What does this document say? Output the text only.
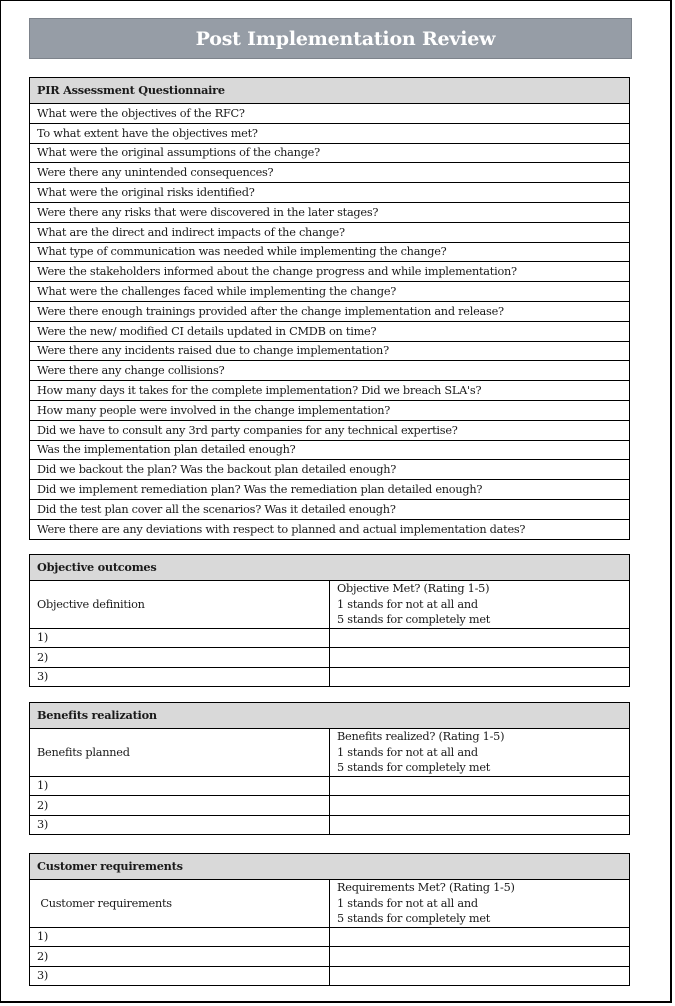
Post Implementation Review
PIR Assessment Questionnaire
What were the objectives of the RFC?
To what extent have the objectives met?
What were the original assumptions of the change?
Were there any unintended consequences?
What were the original risks identified?
Were there any risks that were discovered in the later stages?
What are the direct and indirect impacts of the change?
What type of communication was needed while implementing the change?
Were the stakeholders informed about the change progress and while implementation?
What were the challenges faced while implementing the change?
Were there enough trainings provided after the change implementation and release?
Were the new/ modified CI details updated in CMDB on time?
Were there any incidents raised due to change implementation?
Were there any change collisions?
How many days it takes for the complete implementation? Did we breach SLA's?
How many people were involved in the change implementation?
Did we have to consult any 3rd party companies for any technical expertise?
Was the implementation plan detailed enough?
Did we backout the plan? Was the backout plan detailed enough?
Did we implement remediation plan? Was the remediation plan detailed enough?
Did the test plan cover all the scenarios? Was it detailed enough?
Were there are any deviations with respect to planned and actual implementation dates?
Objective outcomes	
Objective definition	Objective Met? (Rating 1-5)
1 stands for not at all and
5 stands for completely met

1)	
2)	
3)	
Benefits realization	
Benefits planned	Benefits realized? (Rating 1-5)
1 stands for not at all and
5 stands for completely met

1)	
2)	
3)	
Customer requirements	
Customer requirements	Requirements Met? (Rating 1-5)
1 stands for not at all and
5 stands for completely met

1)	
2)	
3)	
